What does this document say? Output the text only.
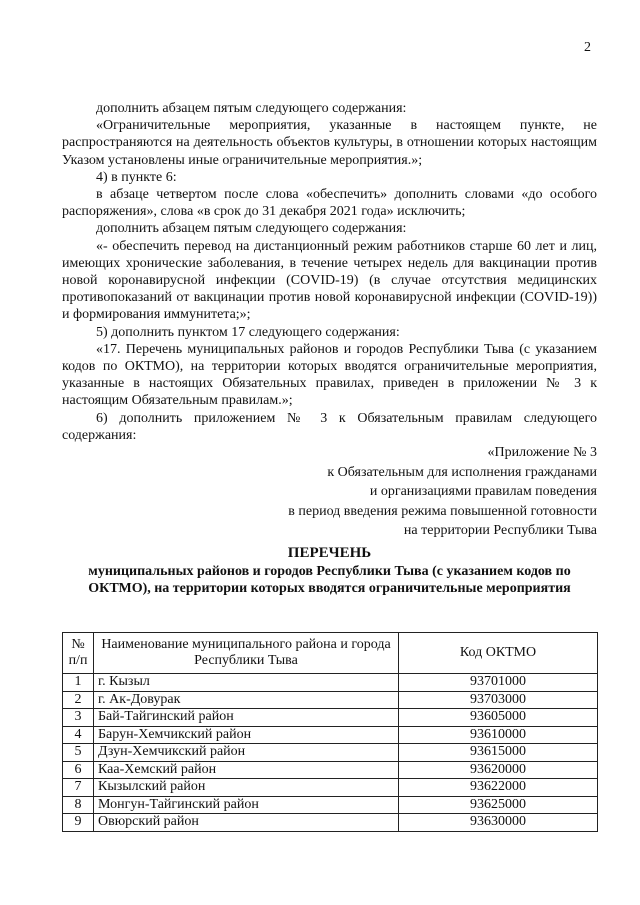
2

дополнить абзацем пятым следующего содержания:

«Ограничительные мероприятия, указанные в настоящем пункте, не распространяются на деятельность объектов культуры, в отношении которых настоящим Указом установлены иные ограничительные мероприятия.»;

4) в пункте 6:

в абзаце четвертом после слова «обеспечить» дополнить словами «до особого распоряжения», слова «в срок до 31 декабря 2021 года» исключить;

дополнить абзацем пятым следующего содержания:

«- обеспечить перевод на дистанционный режим работников старше 60 лет и лиц, имеющих хронические заболевания, в течение четырех недель для вакцинации против новой коронавирусной инфекции (COVID-19) (в случае отсутствия медицинских противопоказаний от вакцинации против новой коронавирусной инфекции (COVID-19)) и формирования иммунитета;»;

5) дополнить пунктом 17 следующего содержания:

«17. Перечень муниципальных районов и городов Республики Тыва (с указанием кодов по ОКТМО), на территории которых вводятся ограничительные мероприятия, указанные в настоящих Обязательных правилах, приведен в приложении № 3 к настоящим Обязательным правилам.»;

6) дополнить приложением № 3 к Обязательным правилам следующего содержания:

«Приложение № 3
к Обязательным для исполнения гражданами
и организациями правилам поведения
в период введения режима повышенной готовности
на территории Республики Тыва
ПЕРЕЧЕНЬ
муниципальных районов и городов Республики Тыва (с указанием кодов по ОКТМО), на территории которых вводятся ограничительные мероприятия
№ п/п	Наименование муниципального района и города Республики Тыва	Код ОКТМО
1	г. Кызыл	93701000
2	г. Ак-Довурак	93703000
3	Бай-Тайгинский район	93605000
4	Барун-Хемчикский район	93610000
5	Дзун-Хемчикский район	93615000
6	Каа-Хемский район	93620000
7	Кызылский район	93622000
8	Монгун-Тайгинский район	93625000
9	Овюрский район	93630000
